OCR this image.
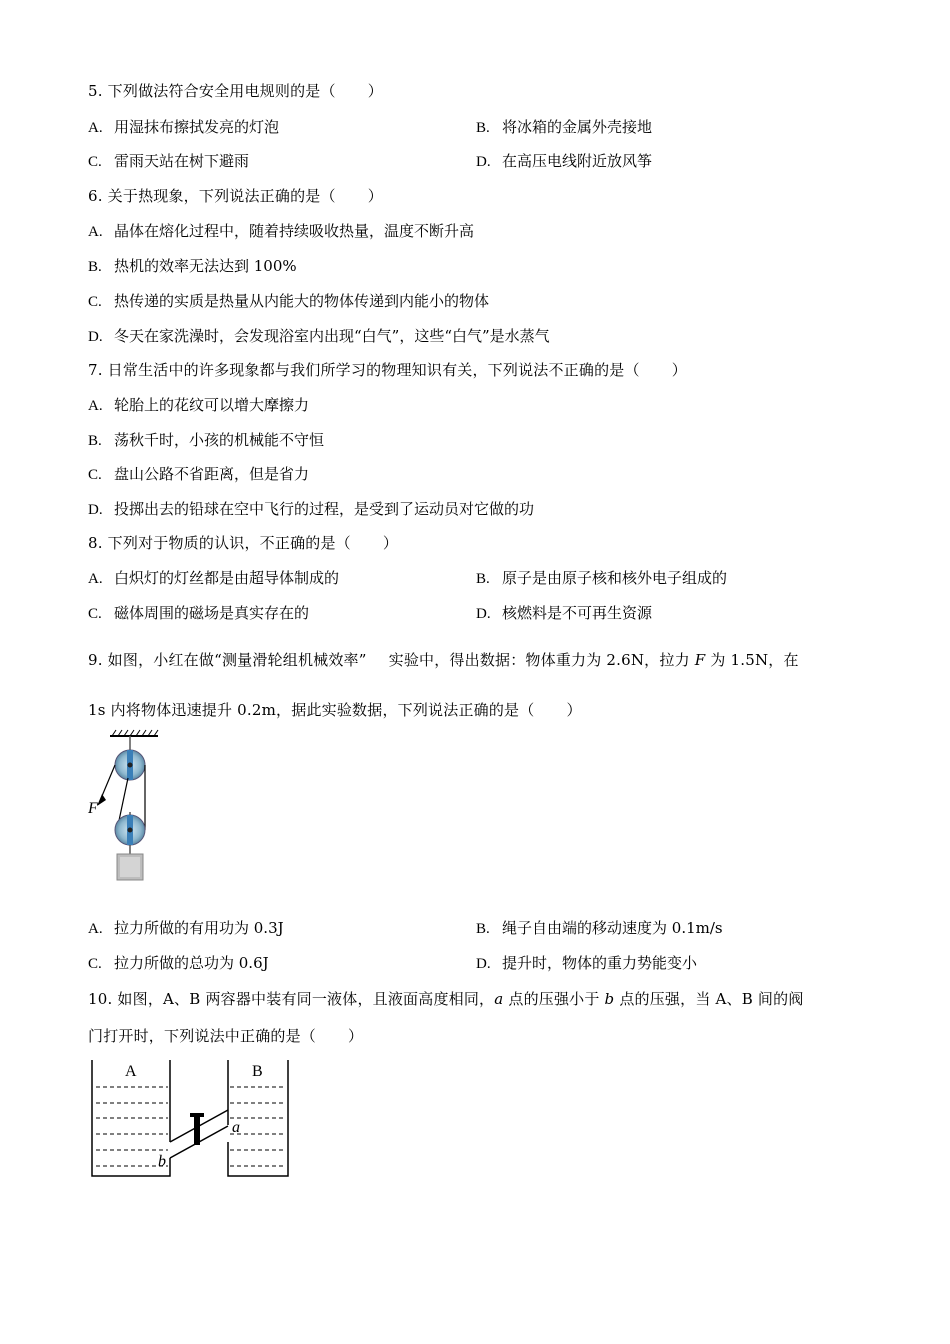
5. 下列做法符合安全用电规则的是（ ）
A. 用湿抹布擦拭发亮的灯泡	B. 将冰箱的金属外壳接地
C. 雷雨天站在树下避雨	D. 在高压电线附近放风筝
6. 关于热现象，下列说法正确的是（ ）
A. 晶体在熔化过程中，随着持续吸收热量，温度不断升高
B. 热机的效率无法达到 100%
C. 热传递的实质是热量从内能大的物体传递到内能小的物体
D. 冬天在家洗澡时，会发现浴室内出现“白气”，这些“白气”是水蒸气
7. 日常生活中的许多现象都与我们所学习的物理知识有关，下列说法不正确的是（ ）
A. 轮胎上的花纹可以增大摩擦力
B. 荡秋千时，小孩的机械能不守恒
C. 盘山公路不省距离，但是省力
D. 投掷出去的铅球在空中飞行的过程，是受到了运动员对它做的功
8. 下列对于物质的认识，不正确的是（ ）
A. 白炽灯的灯丝都是由超导体制成的	B. 原子是由原子核和核外电子组成的
C. 磁体周围的磁场是真实存在的	D. 核燃料是不可再生资源
9. 如图，小红在做“测量滑轮组机械效率” 实验中，得出数据：物体重力为 2.6N，拉力 F 为 1.5N，在
1s 内将物体迅速提升 0.2m，据此实验数据，下列说法正确的是（ ）
F
A. 拉力所做的有用功为 0.3J	B. 绳子自由端的移动速度为 0.1m/s
C. 拉力所做的总功为 0.6J	D. 提升时，物体的重力势能变小
10. 如图，A、B 两容器中装有同一液体，且液面高度相同，a 点的压强小于 b 点的压强，当 A、B 间的阀
门打开时，下列说法中正确的是（ ）
A	B
a
b
